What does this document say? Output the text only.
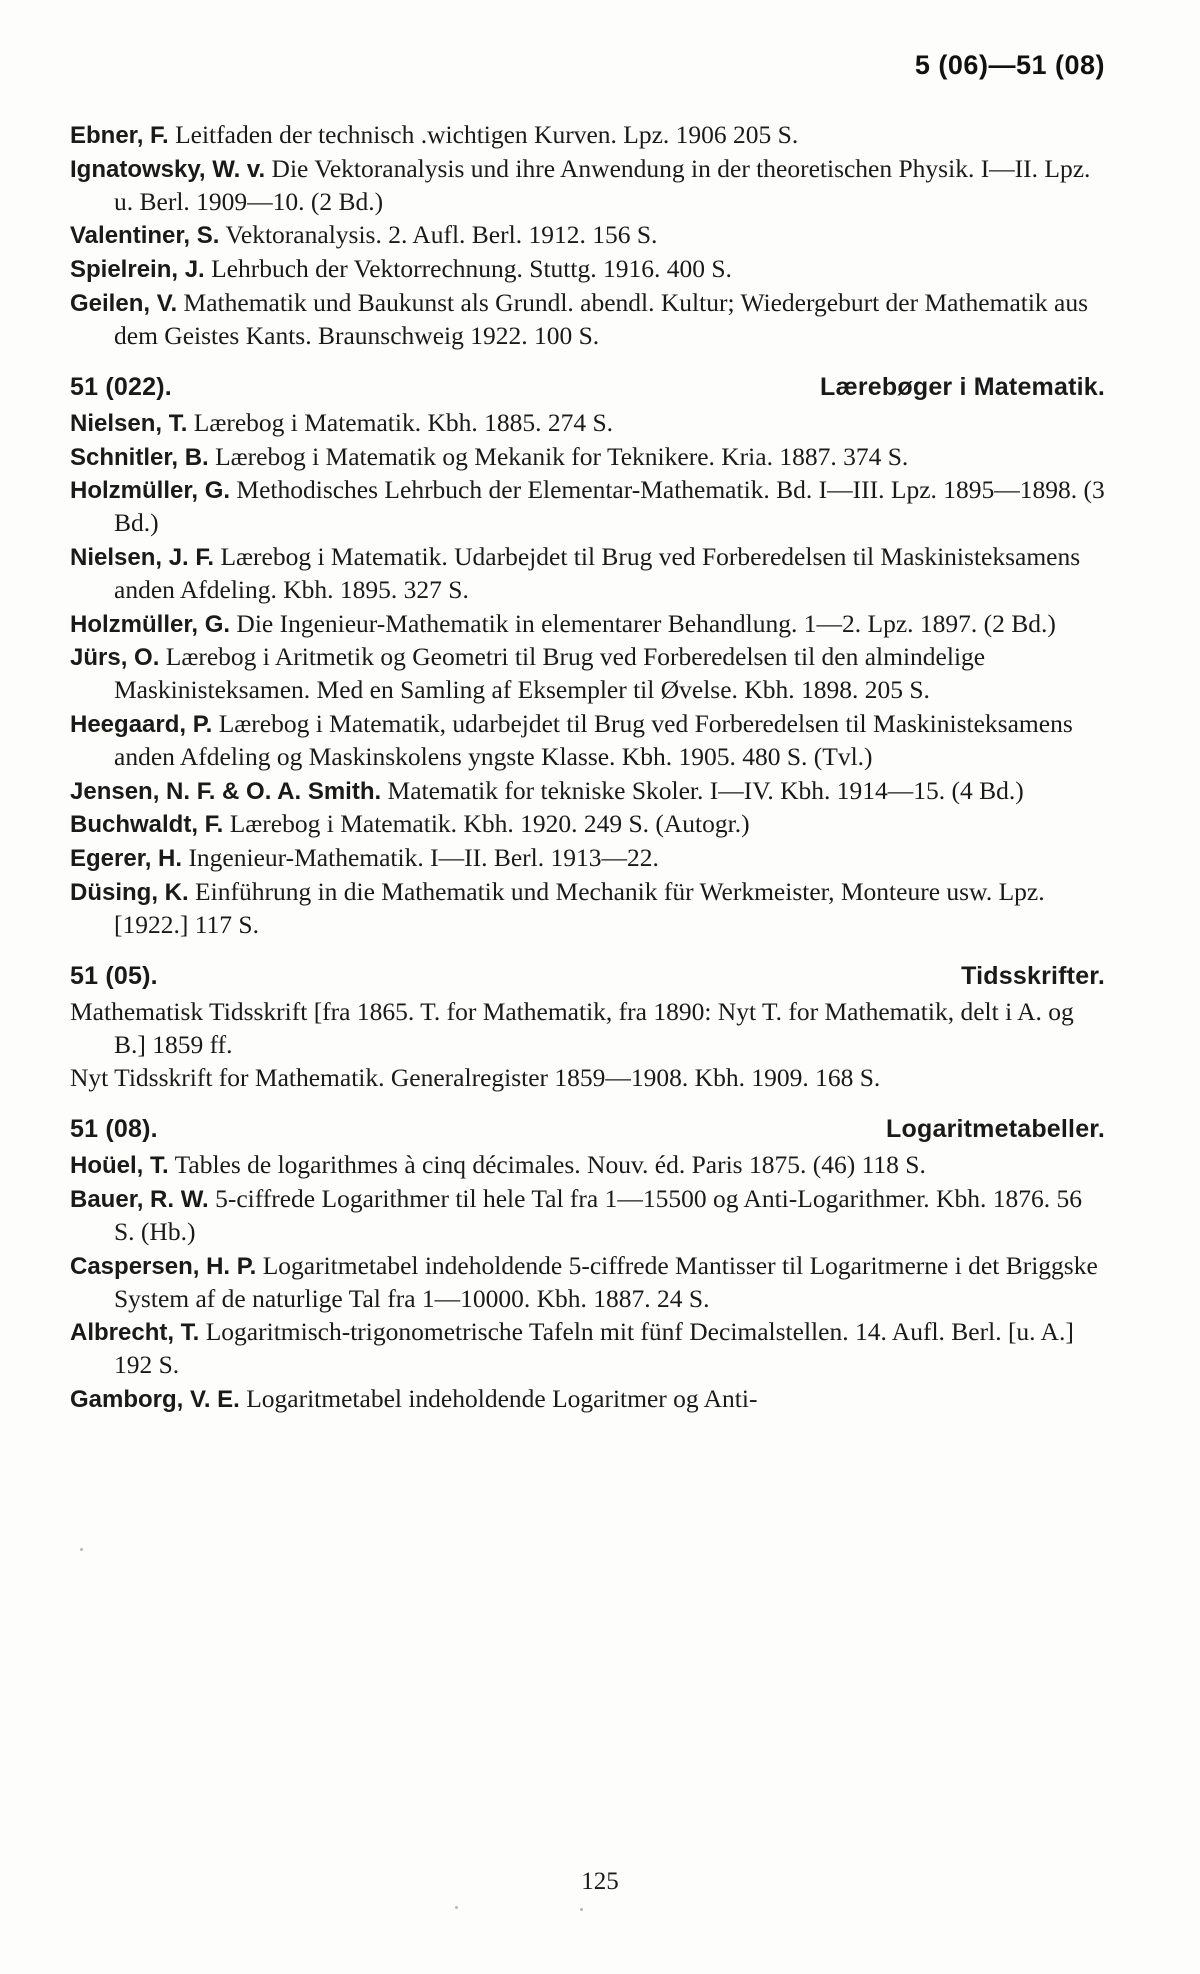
5 (06)—51 (08)

Ebner, F. Leitfaden der technisch .wichtigen Kurven. Lpz. 1906 205 S.

Ignatowsky, W. v. Die Vektoranalysis und ihre Anwendung in der theoretischen Physik. I—II. Lpz. u. Berl. 1909—10. (2 Bd.)

Valentiner, S. Vektoranalysis. 2. Aufl. Berl. 1912. 156 S.

Spielrein, J. Lehrbuch der Vektorrechnung. Stuttg. 1916. 400 S.

Geilen, V. Mathematik und Baukunst als Grundl. abendl. Kultur; Wiedergeburt der Mathematik aus dem Geistes Kants. Braunschweig 1922. 100 S.

51 (022).	Lærebøger i Matematik.

Nielsen, T. Lærebog i Matematik. Kbh. 1885. 274 S.

Schnitler, B. Lærebog i Matematik og Mekanik for Teknikere. Kria. 1887. 374 S.

Holzmüller, G. Methodisches Lehrbuch der Elementar-Mathematik. Bd. I—III. Lpz. 1895—1898. (3 Bd.)

Nielsen, J. F. Lærebog i Matematik. Udarbejdet til Brug ved Forberedelsen til Maskinisteksamens anden Afdeling. Kbh. 1895. 327 S.

Holzmüller, G. Die Ingenieur-Mathematik in elementarer Behandlung. 1—2. Lpz. 1897. (2 Bd.)

Jürs, O. Lærebog i Aritmetik og Geometri til Brug ved Forberedelsen til den almindelige Maskinisteksamen. Med en Samling af Eksempler til Øvelse. Kbh. 1898. 205 S.

Heegaard, P. Lærebog i Matematik, udarbejdet til Brug ved Forberedelsen til Maskinisteksamens anden Afdeling og Maskinskolens yngste Klasse. Kbh. 1905. 480 S. (Tvl.)

Jensen, N. F. & O. A. Smith. Matematik for tekniske Skoler. I—IV. Kbh. 1914—15. (4 Bd.)

Buchwaldt, F. Lærebog i Matematik. Kbh. 1920. 249 S. (Autogr.)

Egerer, H. Ingenieur-Mathematik. I—II. Berl. 1913—22.

Düsing, K. Einführung in die Mathematik und Mechanik für Werkmeister, Monteure usw. Lpz. [1922.] 117 S.

51 (05).	Tidsskrifter.

Mathematisk Tidsskrift [fra 1865. T. for Mathematik, fra 1890: Nyt T. for Mathematik, delt i A. og B.] 1859 ff.

Nyt Tidsskrift for Mathematik. Generalregister 1859—1908. Kbh. 1909. 168 S.

51 (08).	Logaritmetabeller.

Hoüel, T. Tables de logarithmes à cinq décimales. Nouv. éd. Paris 1875. (46) 118 S.

Bauer, R. W. 5-ciffrede Logarithmer til hele Tal fra 1—15500 og Anti-Logarithmer. Kbh. 1876. 56 S. (Hb.)

Caspersen, H. P. Logaritmetabel indeholdende 5-ciffrede Mantisser til Logaritmerne i det Briggske System af de naturlige Tal fra 1—10000. Kbh. 1887. 24 S.

Albrecht, T. Logaritmisch-trigonometrische Tafeln mit fünf Decimalstellen. 14. Aufl. Berl. [u. A.] 192 S.

Gamborg, V. E. Logaritmetabel indeholdende Logaritmer og Anti-

125
